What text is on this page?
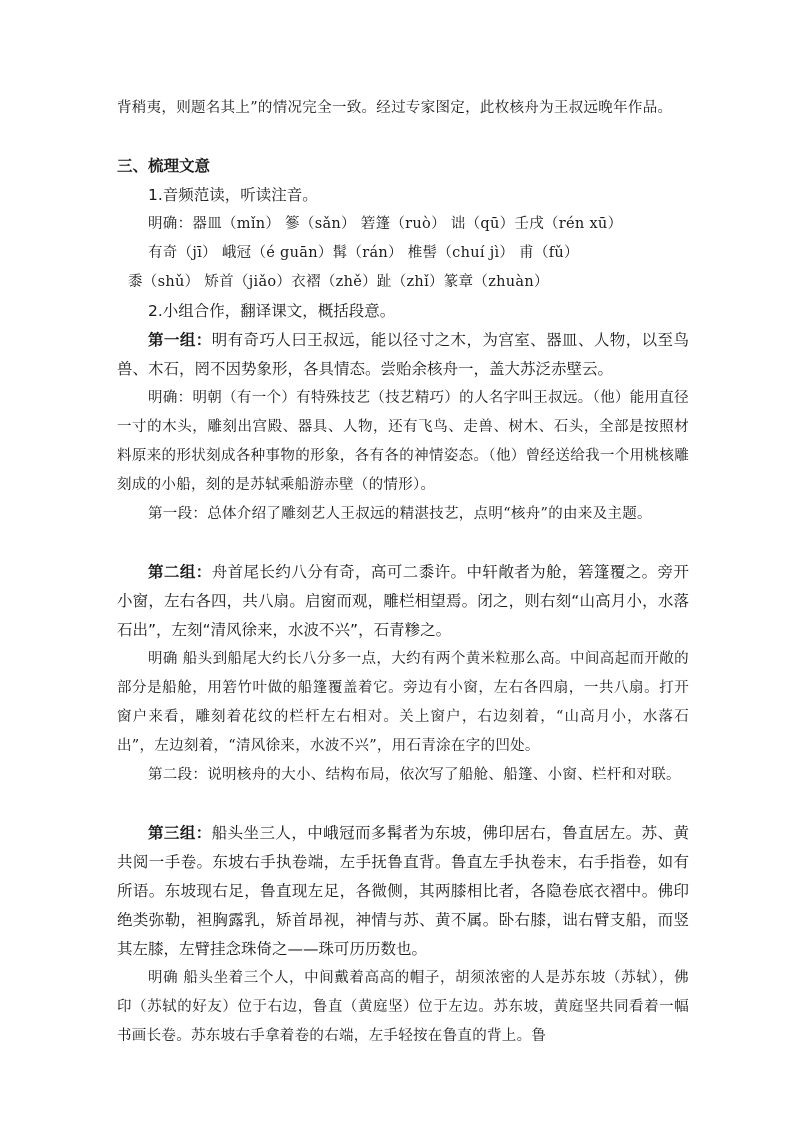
背稍夷，则题名其上”的情况完全一致。经过专家图定，此枚核舟为王叔远晚年作品。

三、梳理文意

1.音频范读，听读注音。

明确：器皿（mǐn） 篸（sǎn） 箬篷（ruò） 诎（qū）壬戌（rén xū）

有奇（jī） 峨冠（é guān）髯（rán） 椎髻（chuí jì） 甫（fǔ）

黍（shǔ） 矫首（jiǎo）衣褶（zhě）趾（zhǐ）篆章（zhuàn）

2.小组合作，翻译课文，概括段意。

第一组：明有奇巧人曰王叔远，能以径寸之木，为宫室、器皿、人物，以至鸟兽、木石，罔不因势象形，各具情态。尝贻余核舟一，盖大苏泛赤壁云。

明确：明朝（有一个）有特殊技艺（技艺精巧）的人名字叫王叔远。（他）能用直径一寸的木头，雕刻出宫殿、器具、人物，还有飞鸟、走兽、树木、石头，全部是按照材料原来的形状刻成各种事物的形象，各有各的神情姿态。（他）曾经送给我一个用桃核雕刻成的小船，刻的是苏轼乘船游赤壁（的情形）。

第一段：总体介绍了雕刻艺人王叔远的精湛技艺，点明“核舟”的由来及主题。

第二组：舟首尾长约八分有奇，高可二黍许。中轩敞者为舱，箬篷覆之。旁开小窗，左右各四，共八扇。启窗而观，雕栏相望焉。闭之，则右刻“山高月小，水落石出”，左刻“清风徐来，水波不兴”，石青糁之。

明确 船头到船尾大约长八分多一点，大约有两个黄米粒那么高。中间高起而开敞的部分是船舱，用箬竹叶做的船篷覆盖着它。旁边有小窗，左右各四扇，一共八扇。打开窗户来看，雕刻着花纹的栏杆左右相对。关上窗户，右边刻着，“山高月小，水落石出”，左边刻着，“清风徐来，水波不兴”，用石青涂在字的凹处。

第二段：说明核舟的大小、结构布局，依次写了船舱、船篷、小窗、栏杆和对联。

第三组：船头坐三人，中峨冠而多髯者为东坡，佛印居右，鲁直居左。苏、黄共阅一手卷。东坡右手执卷端，左手抚鲁直背。鲁直左手执卷末，右手指卷，如有所语。东坡现右足，鲁直现左足，各微侧，其两膝相比者，各隐卷底衣褶中。佛印绝类弥勒，袒胸露乳，矫首昂视，神情与苏、黄不属。卧右膝，诎右臂支船，而竖其左膝，左臂挂念珠倚之——珠可历历数也。

明确 船头坐着三个人，中间戴着高高的帽子，胡须浓密的人是苏东坡（苏轼），佛印（苏轼的好友）位于右边，鲁直（黄庭坚）位于左边。苏东坡，黄庭坚共同看着一幅书画长卷。苏东坡右手拿着卷的右端，左手轻按在鲁直的背上。鲁
